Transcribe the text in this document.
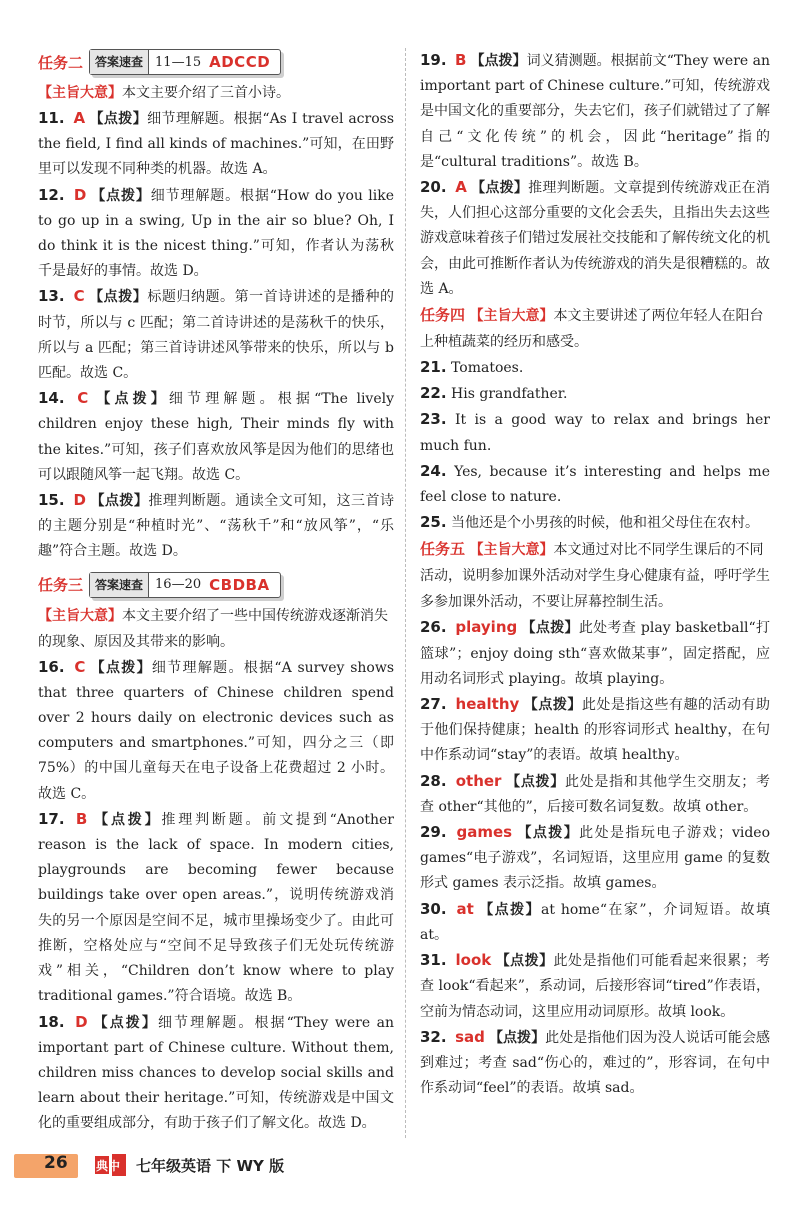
任务二	答案速查 11—15 ADCCD

【主旨大意】本文主要介绍了三首小诗。

11. A 【点拨】细节理解题。根据“As I travel across the field, I find all kinds of machines.”可知，在田野里可以发现不同种类的机器。故选 A。

12. D 【点拨】细节理解题。根据“How do you like to go up in a swing, Up in the air so blue? Oh, I do think it is the nicest thing.”可知，作者认为荡秋千是最好的事情。故选 D。

13. C 【点拨】标题归纳题。第一首诗讲述的是播种的时节，所以与 c 匹配；第二首诗讲述的是荡秋千的快乐，所以与 a 匹配；第三首诗讲述风筝带来的快乐，所以与 b 匹配。故选 C。

14. C 【点拨】细节理解题。根据“The lively children enjoy these high, Their minds fly with the kites.”可知，孩子们喜欢放风筝是因为他们的思绪也可以跟随风筝一起飞翔。故选 C。

15. D 【点拨】推理判断题。通读全文可知，这三首诗的主题分别是“种植时光”、“荡秋千”和“放风筝”，“乐趣”符合主题。故选 D。

任务三	答案速查 16—20 CBDBA

【主旨大意】本文主要介绍了一些中国传统游戏逐渐消失的现象、原因及其带来的影响。

16. C 【点拨】细节理解题。根据“A survey shows that three quarters of Chinese children spend over 2 hours daily on electronic devices such as computers and smartphones.”可知，四分之三（即 75%）的中国儿童每天在电子设备上花费超过 2 小时。故选 C。

17. B 【点拨】推理判断题。前文提到“Another reason is the lack of space. In modern cities, playgrounds are becoming fewer because buildings take over open areas.”，说明传统游戏消失的另一个原因是空间不足，城市里操场变少了。由此可推断，空格处应与“空间不足导致孩子们无处玩传统游戏”相关，“Children don’t know where to play traditional games.”符合语境。故选 B。

18. D 【点拨】细节理解题。根据“They were an important part of Chinese culture. Without them, children miss chances to develop social skills and learn about their heritage.”可知，传统游戏是中国文化的重要组成部分，有助于孩子们了解文化。故选 D。

19. B 【点拨】词义猜测题。根据前文“They were an important part of Chinese culture.”可知，传统游戏是中国文化的重要部分，失去它们，孩子们就错过了了解自己“文化传统”的机会，因此“heritage”指的是“cultural traditions”。故选 B。

20. A 【点拨】推理判断题。文章提到传统游戏正在消失，人们担心这部分重要的文化会丢失，且指出失去这些游戏意味着孩子们错过发展社交技能和了解传统文化的机会，由此可推断作者认为传统游戏的消失是很糟糕的。故选 A。

任务四 【主旨大意】本文主要讲述了两位年轻人在阳台上种植蔬菜的经历和感受。

21. Tomatoes.

22. His grandfather.

23. It is a good way to relax and brings her much fun.

24. Yes, because it’s interesting and helps me feel close to nature.

25. 当他还是个小男孩的时候，他和祖父母住在农村。

任务五 【主旨大意】本文通过对比不同学生课后的不同活动，说明参加课外活动对学生身心健康有益，呼吁学生多参加课外活动，不要让屏幕控制生活。

26. playing 【点拨】此处考查 play basketball“打篮球”；enjoy doing sth“喜欢做某事”，固定搭配，应用动名词形式 playing。故填 playing。

27. healthy 【点拨】此处是指这些有趣的活动有助于他们保持健康；health 的形容词形式 healthy，在句中作系动词“stay”的表语。故填 healthy。

28. other 【点拨】此处是指和其他学生交朋友；考查 other“其他的”，后接可数名词复数。故填 other。

29. games 【点拨】此处是指玩电子游戏；video games“电子游戏”，名词短语，这里应用 game 的复数形式 games 表示泛指。故填 games。

30. at 【点拨】at home“在家”，介词短语。故填 at。

31. look 【点拨】此处是指他们可能看起来很累；考查 look“看起来”，系动词，后接形容词“tired”作表语，空前为情态动词，这里应用动词原形。故填 look。

32. sad 【点拨】此处是指他们因为没人说话可能会感到难过；考查 sad“伤心的，难过的”，形容词，在句中作系动词“feel”的表语。故填 sad。

26 典中 七年级英语 下 WY 版
